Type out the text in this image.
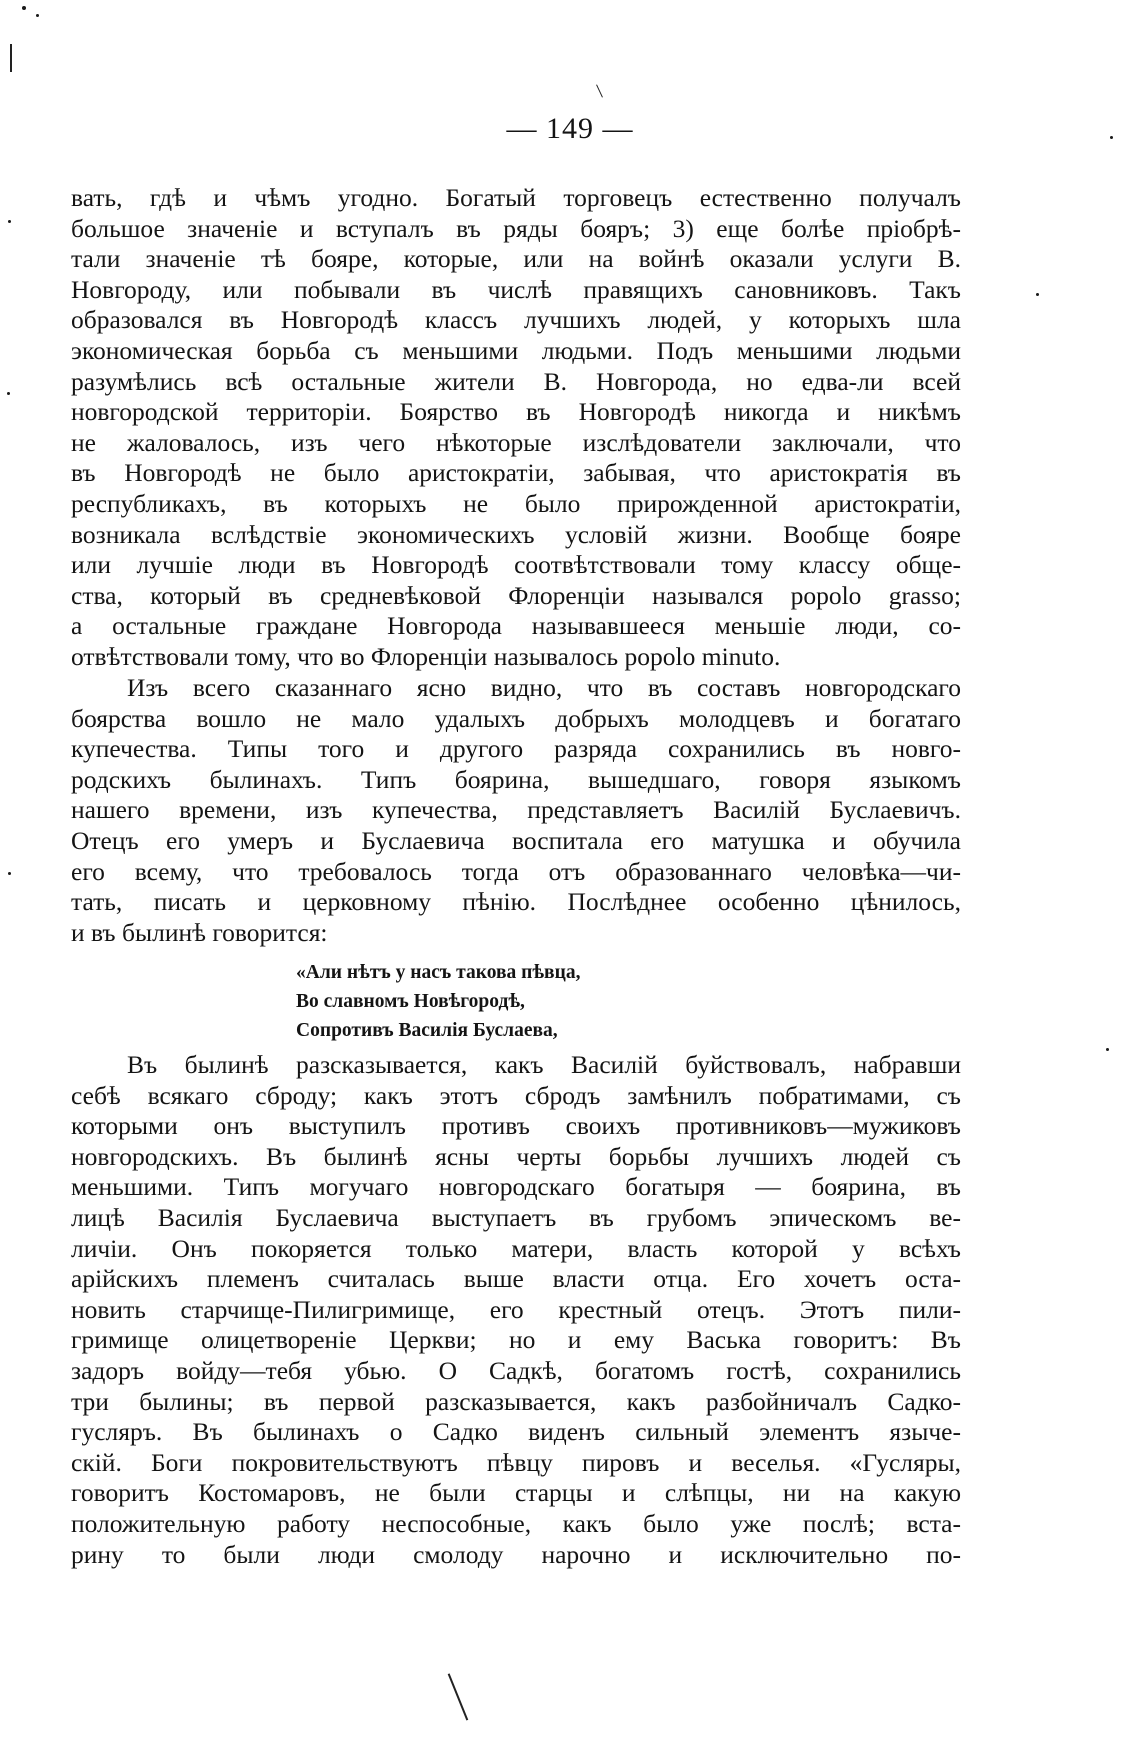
— 149 —
вать, гдѣ и чѣмъ угодно. Богатый торговецъ естественно получалъ
большое значеніе и вступалъ въ ряды бояръ; 3) еще болѣе пріобрѣ-
тали значеніе тѣ бояре, которые, или на войнѣ оказали услуги В.
Новгороду, или побывали въ числѣ правящихъ сановниковъ. Такъ
образовался въ Новгородѣ классъ лучшихъ людей, у которыхъ шла
экономическая борьба съ меньшими людьми. Подъ меньшими людьми
разумѣлись всѣ остальные жители В. Новгорода, но едва-ли всей
новгородской территоріи. Боярство въ Новгородѣ никогда и никѣмъ
не жаловалось, изъ чего нѣкоторые изслѣдователи заключали, что
въ Новгородѣ не было аристократіи, забывая, что аристократія въ
республикахъ, въ которыхъ не было прирожденной аристократіи,
возникала вслѣдствіе экономическихъ условій жизни. Вообще бояре
или лучшіе люди въ Новгородѣ соотвѣтствовали тому классу обще-
ства, который въ средневѣковой Флоренціи назывался popolo grasso;
а остальные граждане Новгорода называвшееся меньшіе люди, со-
отвѣтствовали тому, что во Флоренціи называлось popolo minuto.
Изъ всего сказаннаго ясно видно, что въ составъ новгородскаго
боярства вошло не мало удалыхъ добрыхъ молодцевъ и богатаго
купечества. Типы того и другого разряда сохранились въ новго-
родскихъ былинахъ. Типъ боярина, вышедшаго, говоря языкомъ
нашего времени, изъ купечества, представляетъ Василій Буслаевичъ.
Отецъ его умеръ и Буслаевича воспитала его матушка и обучила
его всему, что требовалось тогда отъ образованнаго человѣка—чи-
тать, писать и церковному пѣнію. Послѣднее особенно цѣнилось,
и въ былинѣ говорится:
«Али нѣтъ у насъ такова пѣвца,
Во славномъ Новѣгородѣ,
Сопротивъ Василія Буслаева,
Въ былинѣ разсказывается, какъ Василій буйствовалъ, набравши
себѣ всякаго сброду; какъ этотъ сбродъ замѣнилъ побратимами, съ
которыми онъ выступилъ противъ своихъ противниковъ—мужиковъ
новгородскихъ. Въ былинѣ ясны черты борьбы лучшихъ людей съ
меньшими. Типъ могучаго новгородскаго богатыря — боярина, въ
лицѣ Василія Буслаевича выступаетъ въ грубомъ эпическомъ ве-
личіи. Онъ покоряется только матери, власть которой у всѣхъ
арійскихъ племенъ считалась выше власти отца. Его хочетъ оста-
новить старчище-Пилигримище, его крестный отецъ. Этотъ пили-
гримище олицетвореніе Церкви; но и ему Васька говоритъ: Въ
задоръ войду—тебя убью. О Садкѣ, богатомъ гостѣ, сохранились
три былины; въ первой разсказывается, какъ разбойничалъ Садко-
гусляръ. Въ былинахъ о Садко виденъ сильный элементъ языче-
скій. Боги покровительствуютъ пѣвцу пировъ и веселья. «Гусляры,
говоритъ Костомаровъ, не были старцы и слѣпцы, ни на какую
положительную работу неспособные, какъ было уже послѣ; вста-
рину то были люди смолоду нарочно и исключительно по-
